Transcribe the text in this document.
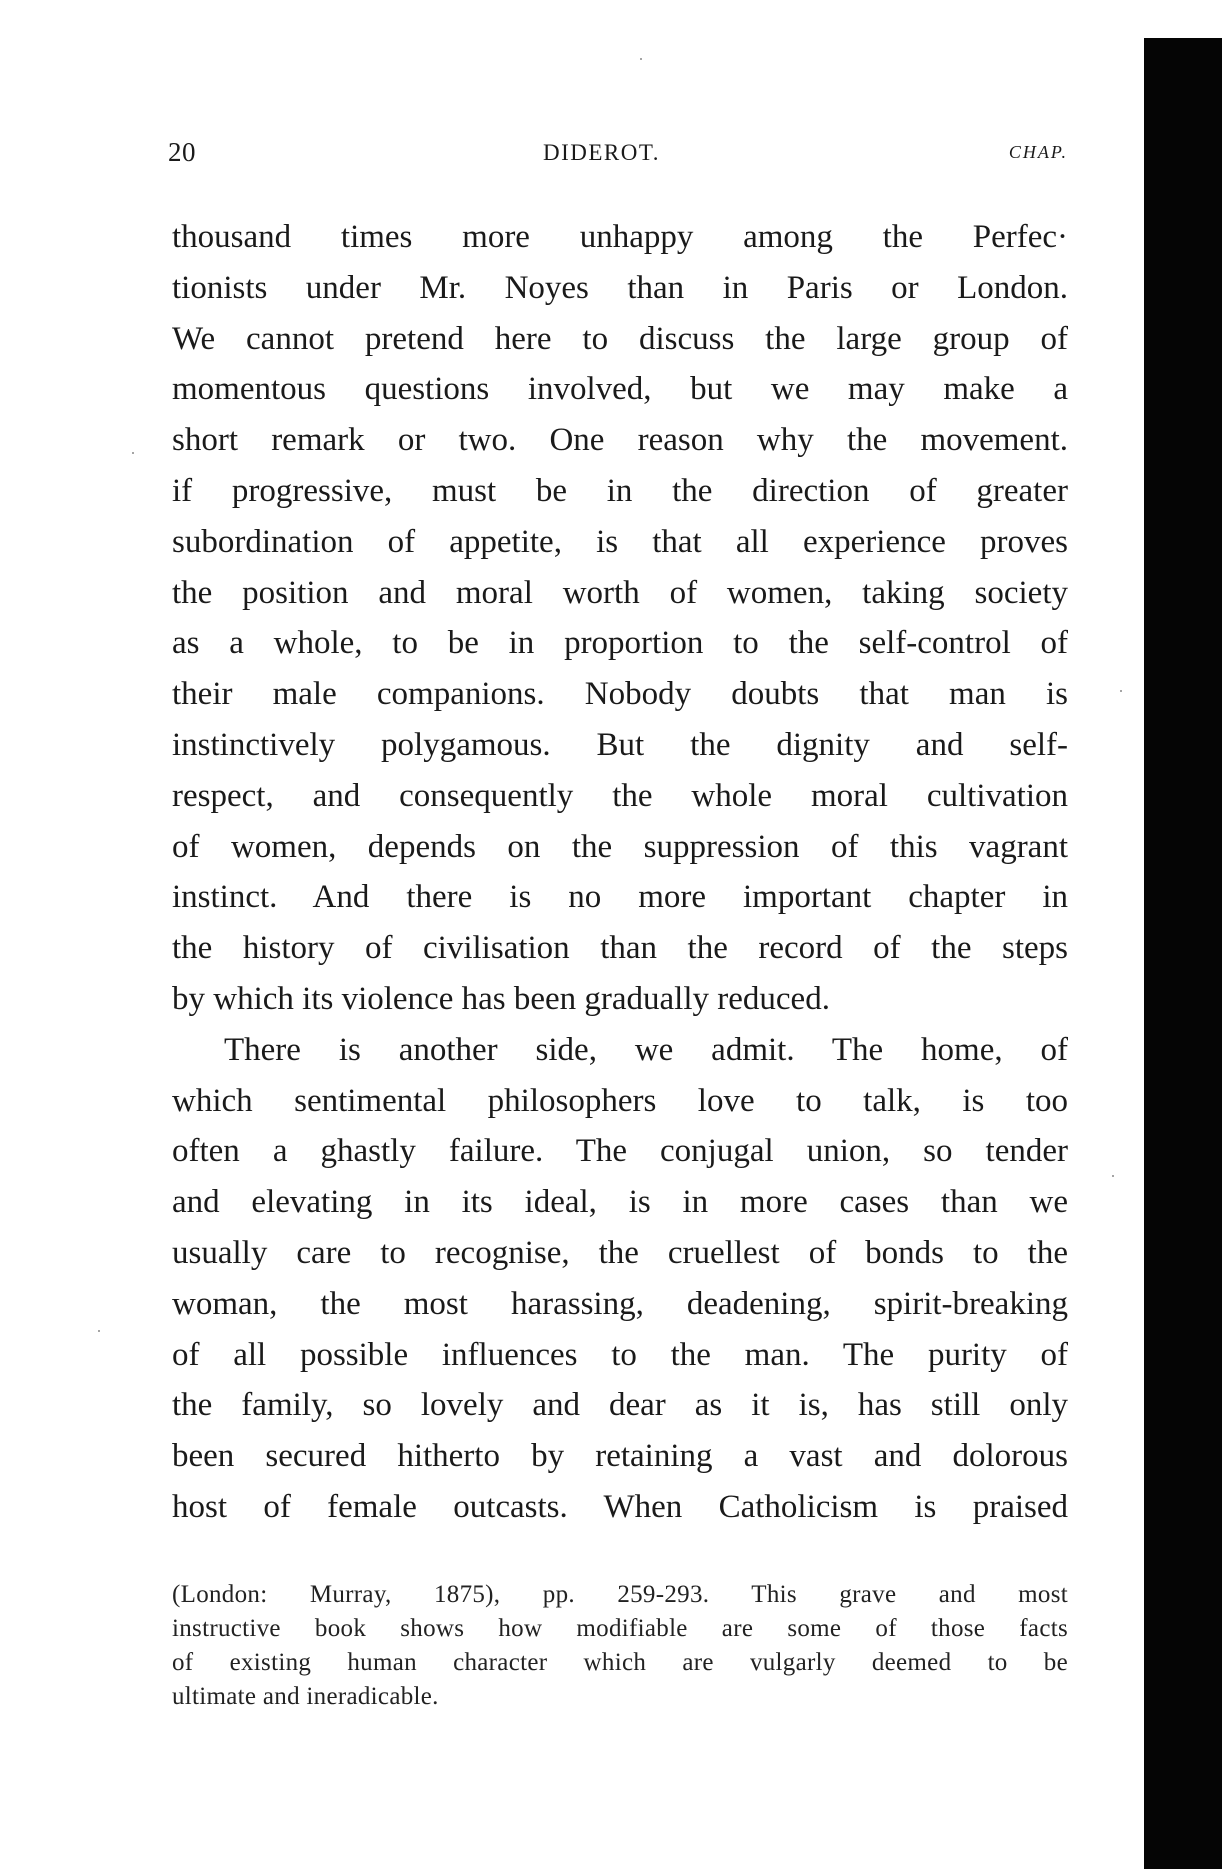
20	DIDEROT.	CHAP.
thousand times more unhappy among the Perfec·
tionists under Mr. Noyes than in Paris or London.
We cannot pretend here to discuss the large group of
momentous questions involved, but we may make a
short remark or two. One reason why the movement.
if progressive, must be in the direction of greater
subordination of appetite, is that all experience proves
the position and moral worth of women, taking society
as a whole, to be in proportion to the self-control of
their male companions. Nobody doubts that man is
instinctively polygamous. But the dignity and self-
respect, and consequently the whole moral cultivation
of women, depends on the suppression of this vagrant
instinct. And there is no more important chapter in
the history of civilisation than the record of the steps
by which its violence has been gradually reduced.
There is another side, we admit. The home, of
which sentimental philosophers love to talk, is too
often a ghastly failure. The conjugal union, so tender
and elevating in its ideal, is in more cases than we
usually care to recognise, the cruellest of bonds to the
woman, the most harassing, deadening, spirit-breaking
of all possible influences to the man. The purity of
the family, so lovely and dear as it is, has still only
been secured hitherto by retaining a vast and dolorous
host of female outcasts. When Catholicism is praised
(London: Murray, 1875), pp. 259-293. This grave and most
instructive book shows how modifiable are some of those facts
of existing human character which are vulgarly deemed to be
ultimate and ineradicable.
